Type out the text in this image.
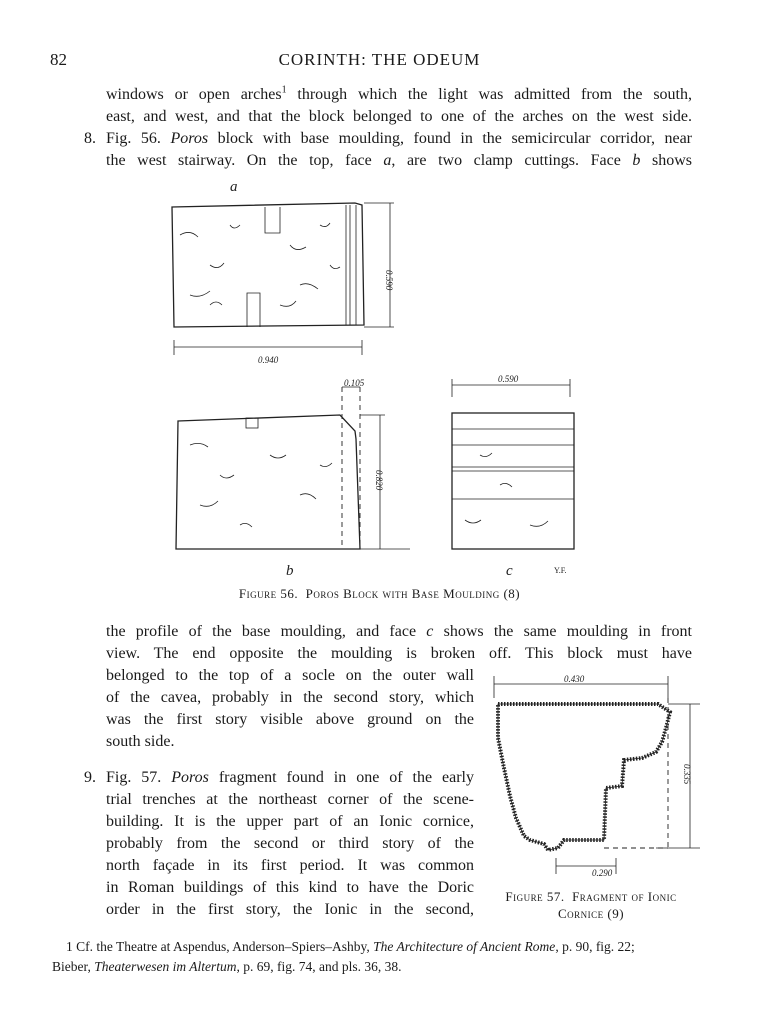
82	CORINTH: THE ODEUM
windows or open arches$^1$ through which the light was admitted from the south,
east, and west, and that the block belonged to one of the arches on the west side.
8. Fig. 56. Poros block with base moulding, found in the semicircular corridor, near
the west stairway. On the top, face a, are two clamp cuttings. Face b shows
a
0.940
0.590
0.105
0.820
b
0.590
c	Y.F.
Figure 56. Poros Block with Base Moulding (8)
the profile of the base moulding, and face c shows the same moulding in front
view. The end opposite the moulding is broken off. This block must have
belonged to the top of a socle on the outer wall
of the cavea, probably in the second story, which
was the first story visible above ground on the
south side.
9. Fig. 57. Poros fragment found in one of the early
trial trenches at the northeast corner of the scene-
building. It is the upper part of an Ionic cornice,
probably from the second or third story of the
north façade in its first period. It was common
in Roman buildings of this kind to have the Doric
order in the first story, the Ionic in the second,
0.430
0.335
0.290
Figure 57. Fragment of Ionic
Cornice (9)
1 Cf. the Theatre at Aspendus, Anderson–Spiers–Ashby, The Architecture of Ancient Rome, p. 90, fig. 22;
Bieber, Theaterwesen im Altertum, p. 69, fig. 74, and pls. 36, 38.
